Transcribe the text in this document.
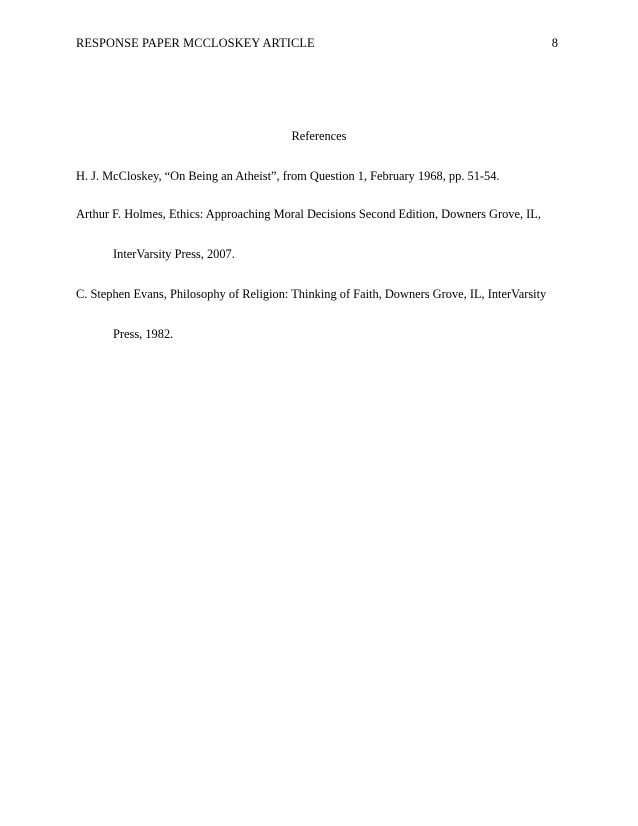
RESPONSE PAPER MCCLOSKEY ARTICLE	8
References
H. J. McCloskey, “On Being an Atheist”, from Question 1, February 1968, pp. 51-54.
Arthur F. Holmes, Ethics: Approaching Moral Decisions Second Edition, Downers Grove, IL,
InterVarsity Press, 2007.
C. Stephen Evans, Philosophy of Religion: Thinking of Faith, Downers Grove, IL, InterVarsity
Press, 1982.
